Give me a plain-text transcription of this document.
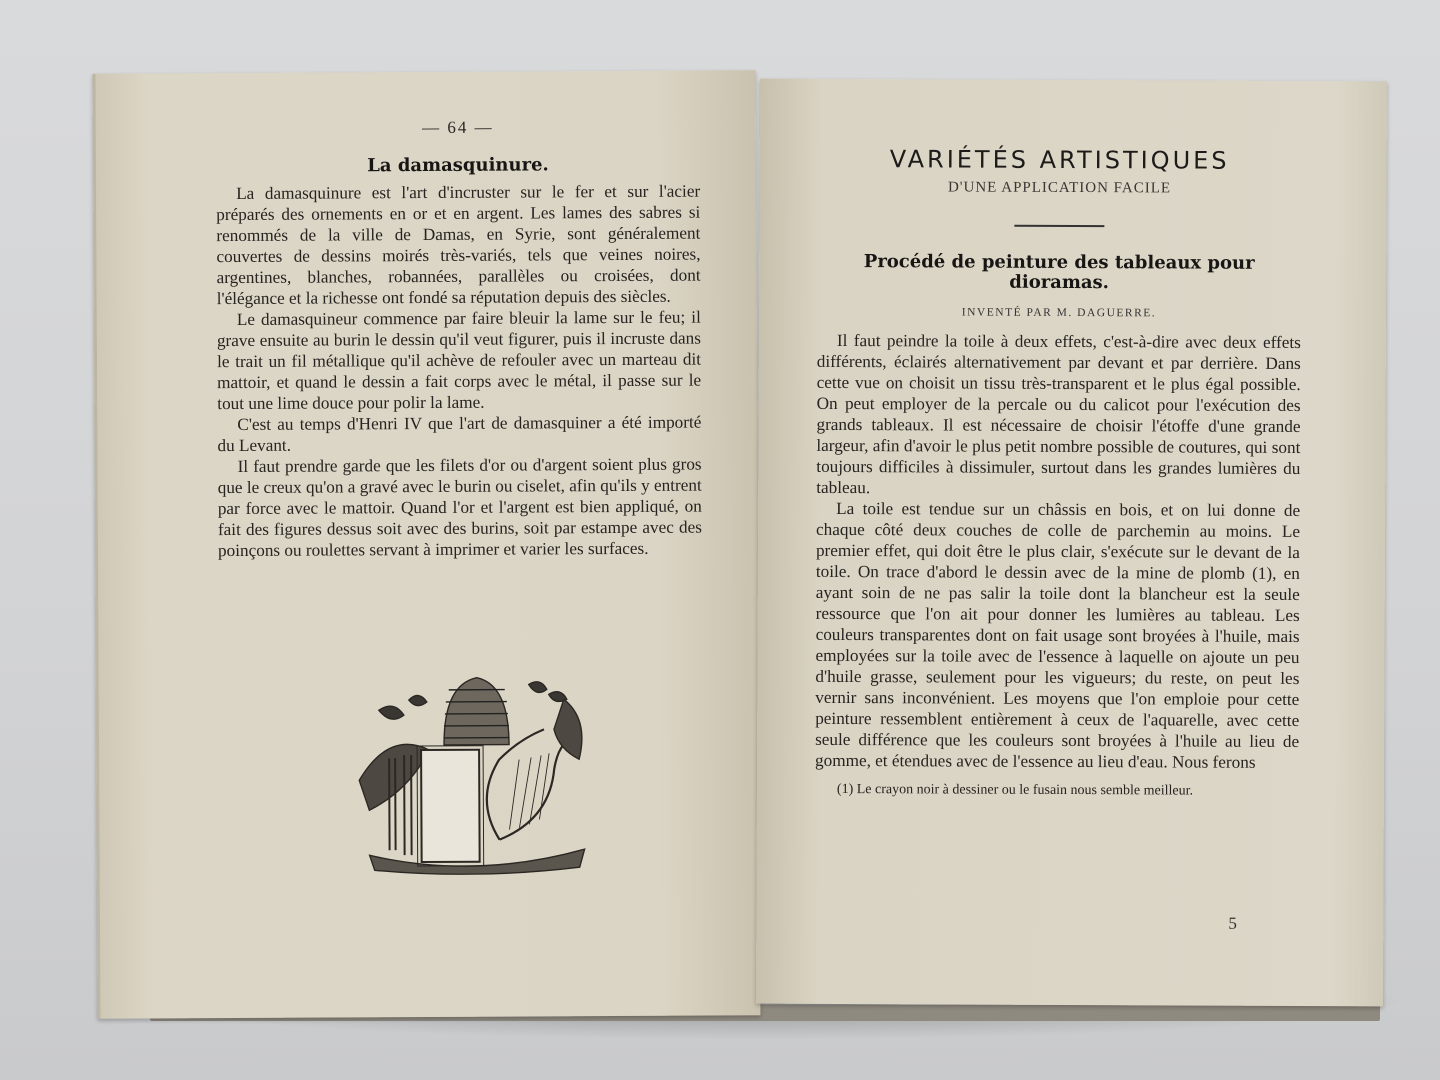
— 64 —
La damasquinure.

La damasquinure est l'art d'incruster sur le fer et sur l'acier préparés des ornements en or et en argent. Les lames des sabres si renommés de la ville de Damas, en Syrie, sont généralement couvertes de dessins moirés très-variés, tels que veines noires, argentines, blanches, robannées, parallèles ou croisées, dont l'élégance et la richesse ont fondé sa réputation depuis des siècles.

Le damasquineur commence par faire bleuir la lame sur le feu; il grave ensuite au burin le dessin qu'il veut figurer, puis il incruste dans le trait un fil métallique qu'il achève de refouler avec un marteau dit mattoir, et quand le dessin a fait corps avec le métal, il passe sur le tout une lime douce pour polir la lame.

C'est au temps d'Henri IV que l'art de damasquiner a été importé du Levant.

Il faut prendre garde que les filets d'or ou d'argent soient plus gros que le creux qu'on a gravé avec le burin ou ciselet, afin qu'ils y entrent par force avec le mattoir. Quand l'or et l'argent est bien appliqué, on fait des figures dessus soit avec des burins, soit par estampe avec des poinçons ou roulettes servant à imprimer et varier les surfaces.

VARIÉTÉS ARTISTIQUES
D'UNE APPLICATION FACILE
Procédé de peinture des tableaux pour dioramas.
INVENTÉ PAR M. DAGUERRE.

Il faut peindre la toile à deux effets, c'est-à-dire avec deux effets différents, éclairés alternativement par devant et par derrière. Dans cette vue on choisit un tissu très-transparent et le plus égal possible. On peut employer de la percale ou du calicot pour l'exécution des grands tableaux. Il est nécessaire de choisir l'étoffe d'une grande largeur, afin d'avoir le plus petit nombre possible de coutures, qui sont toujours difficiles à dissimuler, surtout dans les grandes lumières du tableau.

La toile est tendue sur un châssis en bois, et on lui donne de chaque côté deux couches de colle de parchemin au moins. Le premier effet, qui doit être le plus clair, s'exécute sur le devant de la toile. On trace d'abord le dessin avec de la mine de plomb (1), en ayant soin de ne pas salir la toile dont la blancheur est la seule ressource que l'on ait pour donner les lumières au tableau. Les couleurs transparentes dont on fait usage sont broyées à l'huile, mais employées sur la toile avec de l'essence à laquelle on ajoute un peu d'huile grasse, seulement pour les vigueurs; du reste, on peut les vernir sans inconvénient. Les moyens que l'on emploie pour cette peinture ressemblent entièrement à ceux de l'aquarelle, avec cette seule différence que les couleurs sont broyées à l'huile au lieu de gomme, et étendues avec de l'essence au lieu d'eau. Nous ferons

(1) Le crayon noir à dessiner ou le fusain nous semble meilleur.
5
